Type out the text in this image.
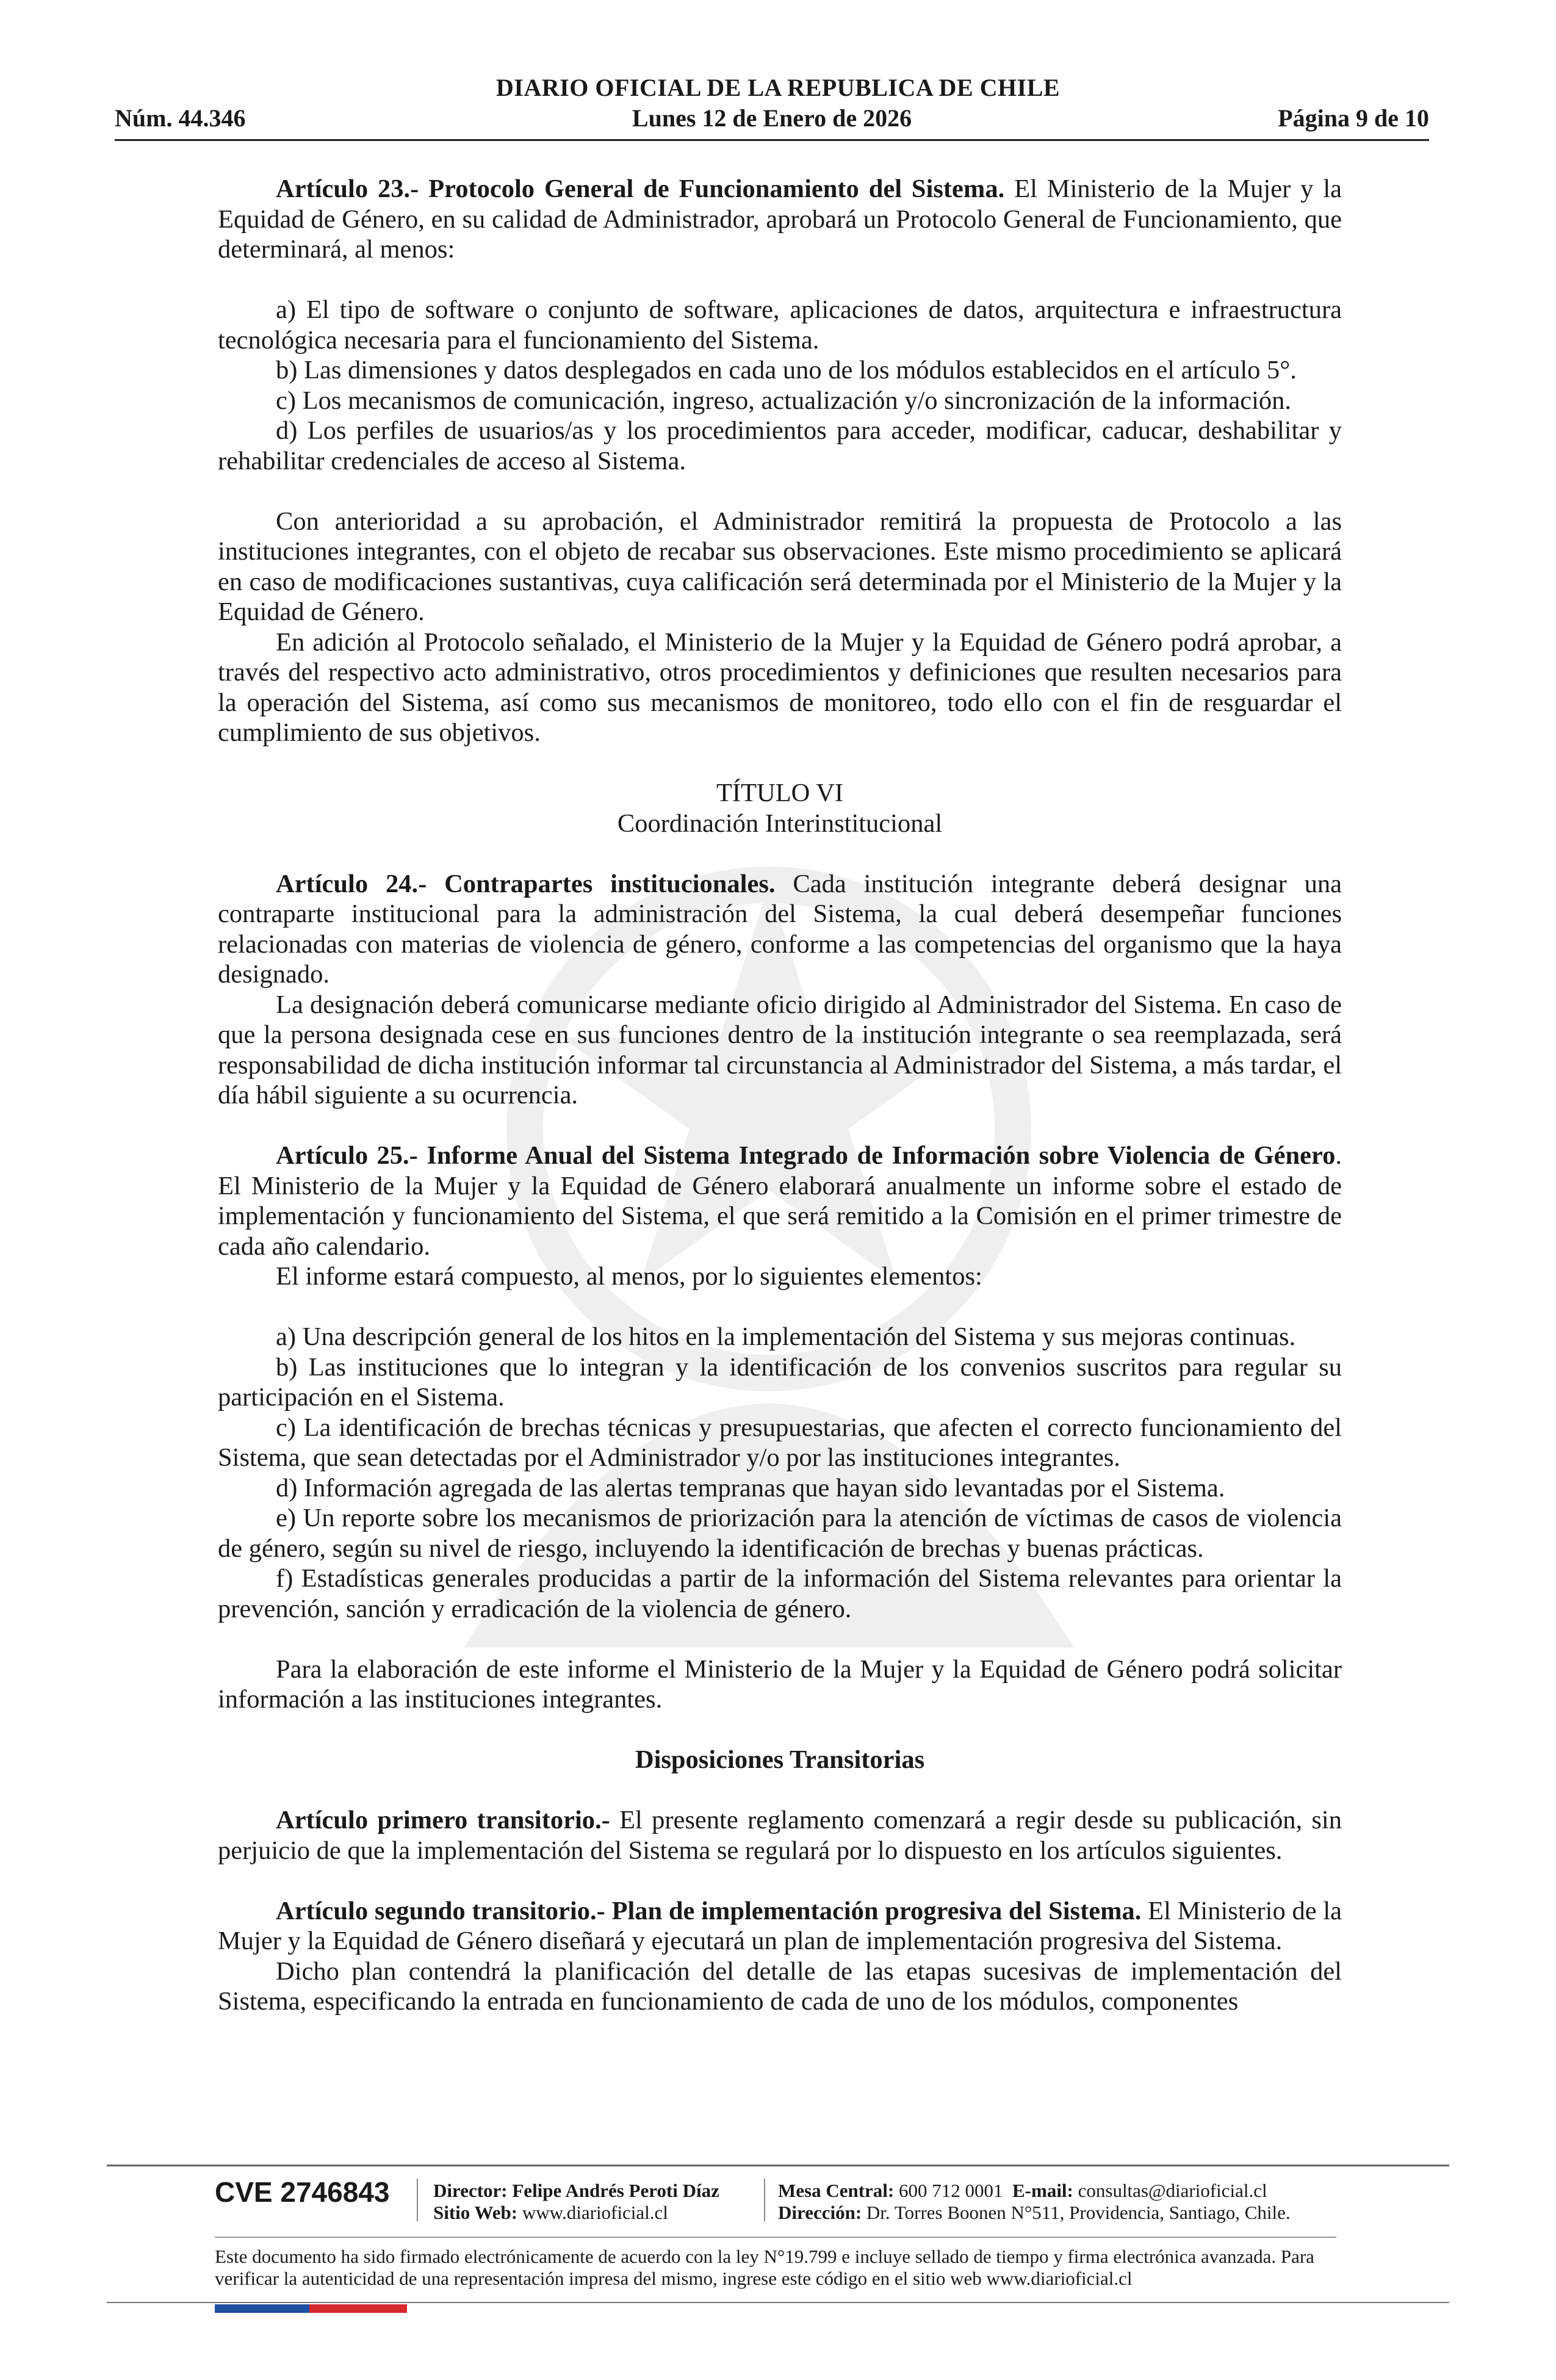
DIARIO OFICIAL DE LA REPUBLICA DE CHILE
Lunes 12 de Enero de 2026
Núm. 44.346	Página 9 de 10

Artículo 23.- Protocolo General de Funcionamiento del Sistema. El Ministerio de la Mujer y la Equidad de Género, en su calidad de Administrador, aprobará un Protocolo General de Funcionamiento, que determinará, al menos:

a) El tipo de software o conjunto de software, aplicaciones de datos, arquitectura e infraestructura tecnológica necesaria para el funcionamiento del Sistema.

b) Las dimensiones y datos desplegados en cada uno de los módulos establecidos en el artículo 5°.

c) Los mecanismos de comunicación, ingreso, actualización y/o sincronización de la información.

d) Los perfiles de usuarios/as y los procedimientos para acceder, modificar, caducar, deshabilitar y rehabilitar credenciales de acceso al Sistema.

Con anterioridad a su aprobación, el Administrador remitirá la propuesta de Protocolo a las instituciones integrantes, con el objeto de recabar sus observaciones. Este mismo procedimiento se aplicará en caso de modificaciones sustantivas, cuya calificación será determinada por el Ministerio de la Mujer y la Equidad de Género.

En adición al Protocolo señalado, el Ministerio de la Mujer y la Equidad de Género podrá aprobar, a través del respectivo acto administrativo, otros procedimientos y definiciones que resulten necesarios para la operación del Sistema, así como sus mecanismos de monitoreo, todo ello con el fin de resguardar el cumplimiento de sus objetivos.

TÍTULO VI

Coordinación Interinstitucional

Artículo 24.- Contrapartes institucionales. Cada institución integrante deberá designar una contraparte institucional para la administración del Sistema, la cual deberá desempeñar funciones relacionadas con materias de violencia de género, conforme a las competencias del organismo que la haya designado.

La designación deberá comunicarse mediante oficio dirigido al Administrador del Sistema. En caso de que la persona designada cese en sus funciones dentro de la institución integrante o sea reemplazada, será responsabilidad de dicha institución informar tal circunstancia al Administrador del Sistema, a más tardar, el día hábil siguiente a su ocurrencia.

Artículo 25.- Informe Anual del Sistema Integrado de Información sobre Violencia de Género. El Ministerio de la Mujer y la Equidad de Género elaborará anualmente un informe sobre el estado de implementación y funcionamiento del Sistema, el que será remitido a la Comisión en el primer trimestre de cada año calendario.

El informe estará compuesto, al menos, por lo siguientes elementos:

a) Una descripción general de los hitos en la implementación del Sistema y sus mejoras continuas.

b) Las instituciones que lo integran y la identificación de los convenios suscritos para regular su participación en el Sistema.

c) La identificación de brechas técnicas y presupuestarias, que afecten el correcto funcionamiento del Sistema, que sean detectadas por el Administrador y/o por las instituciones integrantes.

d) Información agregada de las alertas tempranas que hayan sido levantadas por el Sistema.

e) Un reporte sobre los mecanismos de priorización para la atención de víctimas de casos de violencia de género, según su nivel de riesgo, incluyendo la identificación de brechas y buenas prácticas.

f) Estadísticas generales producidas a partir de la información del Sistema relevantes para orientar la prevención, sanción y erradicación de la violencia de género.

Para la elaboración de este informe el Ministerio de la Mujer y la Equidad de Género podrá solicitar información a las instituciones integrantes.

Disposiciones Transitorias

Artículo primero transitorio.- El presente reglamento comenzará a regir desde su publicación, sin perjuicio de que la implementación del Sistema se regulará por lo dispuesto en los artículos siguientes.

Artículo segundo transitorio.- Plan de implementación progresiva del Sistema. El Ministerio de la Mujer y la Equidad de Género diseñará y ejecutará un plan de implementación progresiva del Sistema.

Dicho plan contendrá la planificación del detalle de las etapas sucesivas de implementación del Sistema, especificando la entrada en funcionamiento de cada de uno de los módulos, componentes

CVE 2746843 Director: Felipe Andrés Peroti Díaz
Sitio Web: www.diarioficial.cl
Mesa Central: 600 712 0001 E-mail: consultas@diarioficial.cl
Dirección: Dr. Torres Boonen N°511, Providencia, Santiago, Chile.
Este documento ha sido firmado electrónicamente de acuerdo con la ley N°19.799 e incluye sellado de tiempo y firma electrónica avanzada. Para verificar la autenticidad de una representación impresa del mismo, ingrese este código en el sitio web www.diarioficial.cl
